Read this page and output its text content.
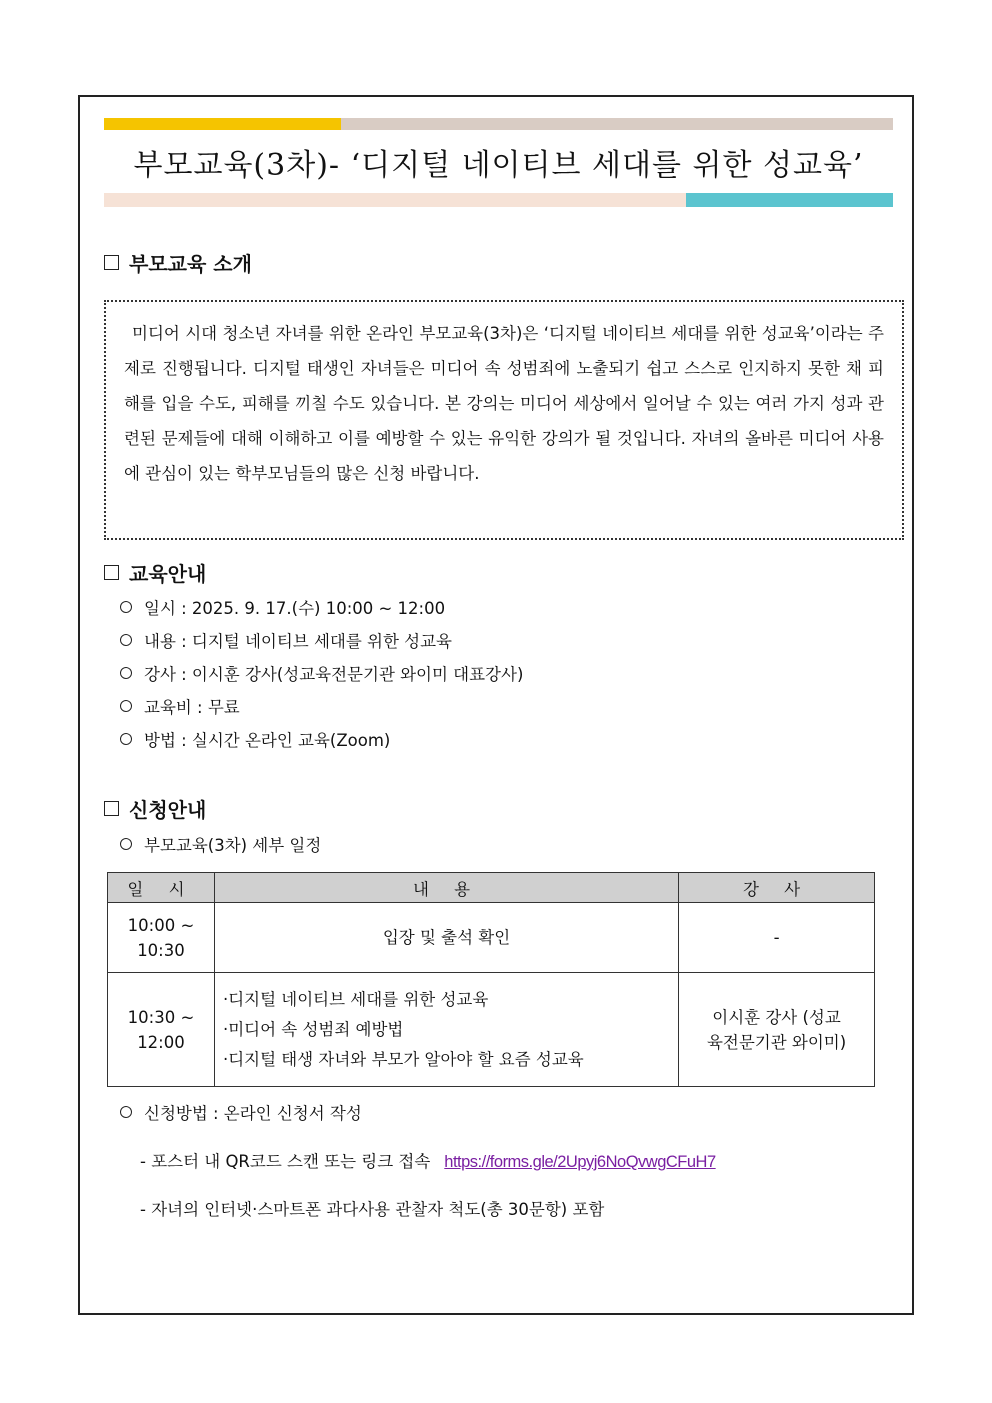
부모교육(3차)- ‘디지털 네이티브 세대를 위한 성교육’
부모교육 소개
미디어 시대 청소년 자녀를 위한 온라인 부모교육(3차)은 ‘디지털 네이티브 세대를 위한 성교육’이라는 주제로 진행됩니다. 디지털 태생인 자녀들은 미디어 속 성범죄에 노출되기 쉽고 스스로 인지하지 못한 채 피해를 입을 수도, 피해를 끼칠 수도 있습니다. 본 강의는 미디어 세상에서 일어날 수 있는 여러 가지 성과 관련된 문제들에 대해 이해하고 이를 예방할 수 있는 유익한 강의가 될 것입니다. 자녀의 올바른 미디어 사용에 관심이 있는 학부모님들의 많은 신청 바랍니다.
교육안내
일시 : 2025. 9. 17.(수) 10:00 ~ 12:00
내용 : 디지털 네이티브 세대를 위한 성교육
강사 : 이시훈 강사(성교육전문기관 와이미 대표강사)
교육비 : 무료
방법 : 실시간 온라인 교육(Zoom)
신청안내
부모교육(3차) 세부 일정
일 시	내 용	강 사

10:00 ~ 10:30	입장 및 출석 확인	-

10:30 ~ 12:00	·디지털 네이티브 세대를 위한 성교육
·미디어 속 성범죄 예방법
·디지털 태생 자녀와 부모가 알아야 할 요즘 성교육	이시훈 강사 (성교육전문기관 와이미)
신청방법 : 온라인 신청서 작성
- 포스터 내 QR코드 스캔 또는 링크 접속 https://forms.gle/2Upyj6NoQvwgCFuH7
- 자녀의 인터넷·스마트폰 과다사용 관찰자 척도(총 30문항) 포함
